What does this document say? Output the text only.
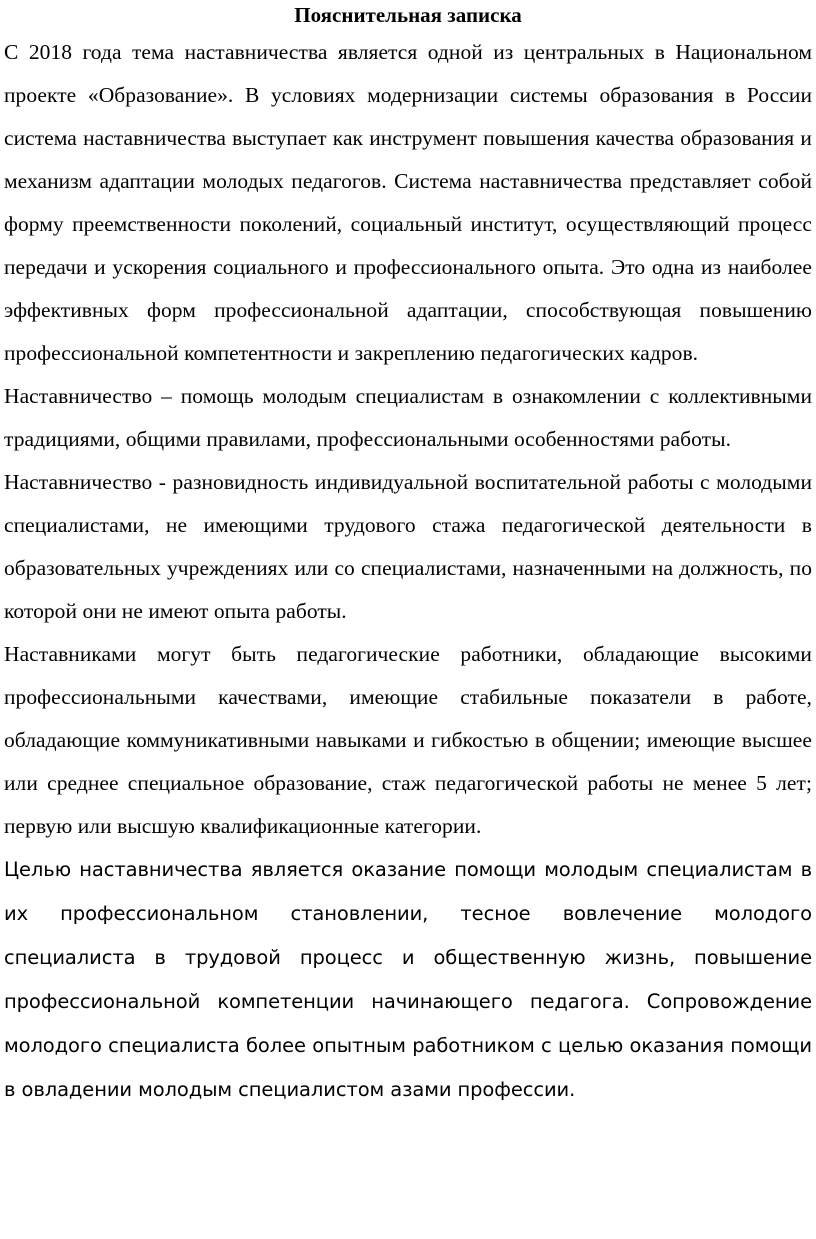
Пояснительная записка

С 2018 года тема наставничества является одной из центральных в Национальном проекте «Образование». В условиях модернизации системы образования в России система наставничества выступает как инструмент повышения качества образования и механизм адаптации молодых педагогов. Система наставничества представляет собой форму преемственности поколений, социальный институт, осуществляющий процесс передачи и ускорения социального и профессионального опыта. Это одна из наиболее эффективных форм профессиональной адаптации, способствующая повышению профессиональной компетентности и закреплению педагогических кадров.

Наставничество – помощь молодым специалистам в ознакомлении с коллективными традициями, общими правилами, профессиональными особенностями работы.

Наставничество - разновидность индивидуальной воспитательной работы с молодыми специалистами, не имеющими трудового стажа педагогической деятельности в образовательных учреждениях или со специалистами, назначенными на должность, по которой они не имеют опыта работы.

Наставниками могут быть педагогические работники, обладающие высокими профессиональными качествами, имеющие стабильные показатели в работе, обладающие коммуникативными навыками и гибкостью в общении; имеющие высшее или среднее специальное образование, стаж педагогической работы не менее 5 лет; первую или высшую квалификационные категории.

Целью наставничества является оказание помощи молодым специалистам в их профессиональном становлении, тесное вовлечение молодого специалиста в трудовой процесс и общественную жизнь, повышение профессиональной компетенции начинающего педагога. Сопровождение молодого специалиста более опытным работником с целью оказания помощи в овладении молодым специалистом азами профессии.
